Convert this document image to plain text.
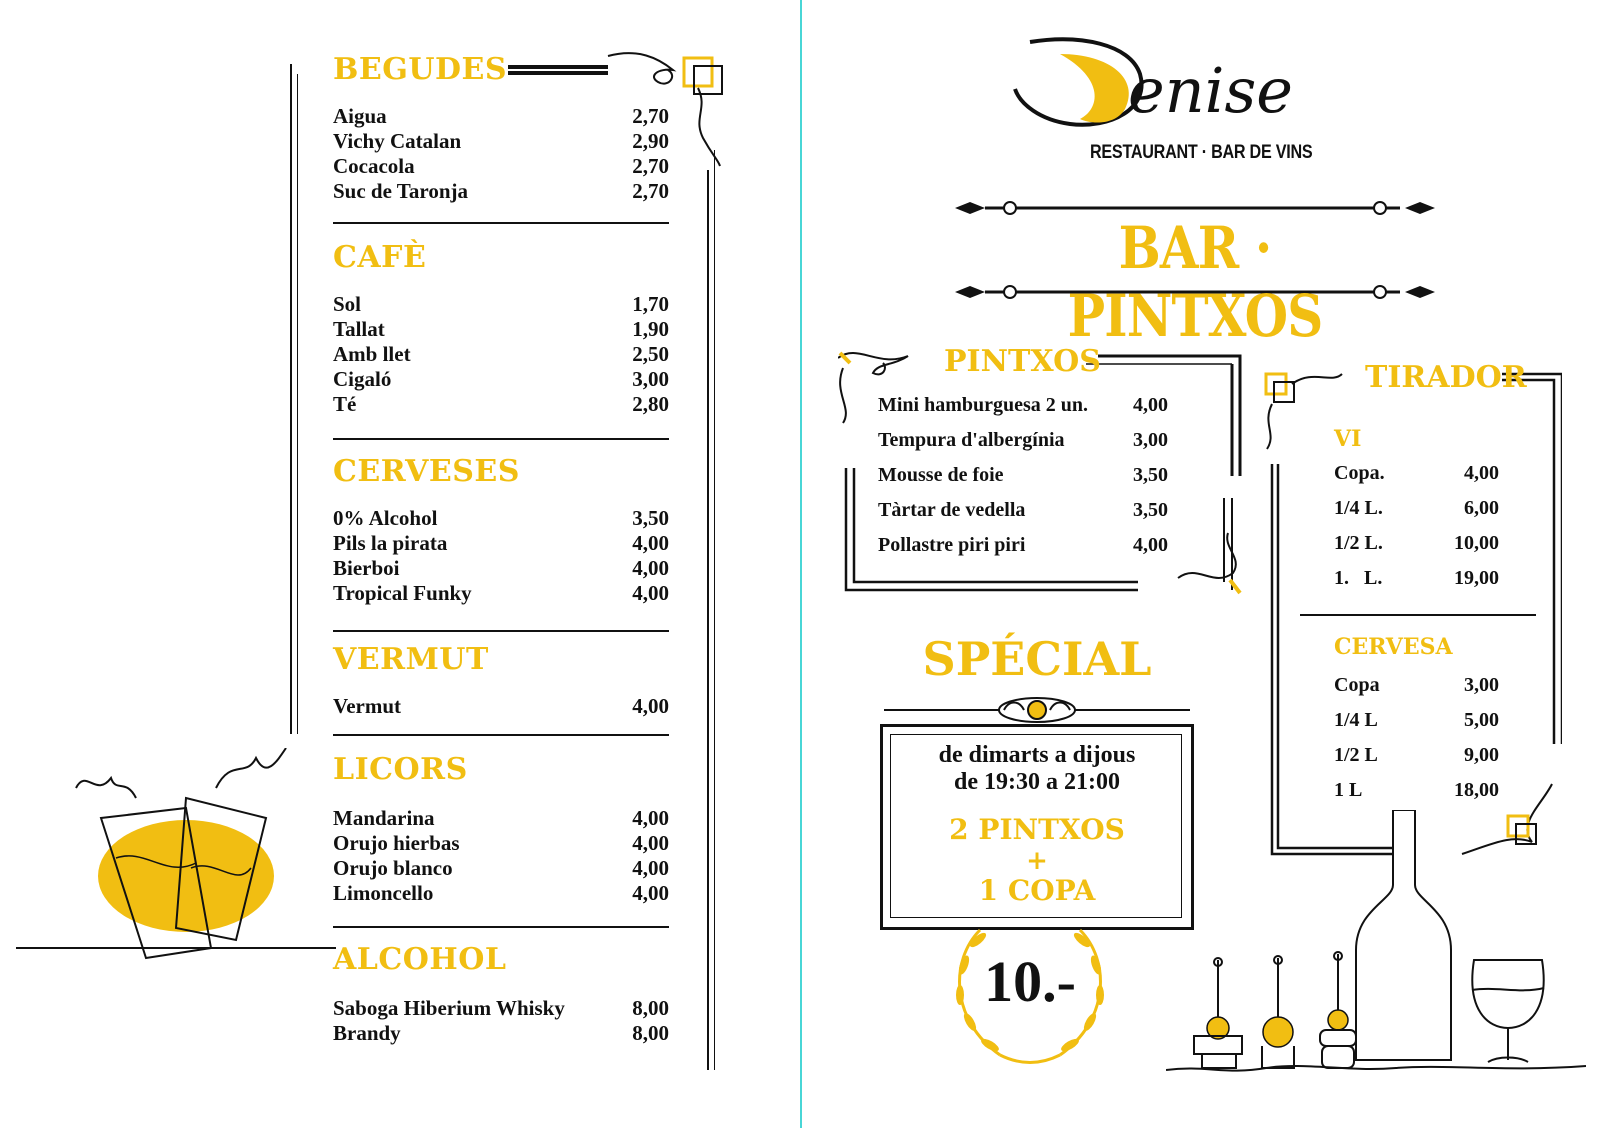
BEGUDES
Aigua	2,70
Vichy Catalan	2,90
Cocacola	2,70
Suc de Taronja	2,70
CAFÈ
Sol	1,70
Tallat	1,90
Amb llet	2,50
Cigaló	3,00
Té	2,80
CERVESES
0% Alcohol	3,50
Pils la pirata	4,00
Bierboi	4,00
Tropical Funky	4,00
VERMUT
Vermut	4,00
LICORS
Mandarina	4,00
Orujo hierbas	4,00
Orujo blanco	4,00
Limoncello	4,00
ALCOHOL
Saboga Hiberium Whisky	8,00
Brandy	8,00
enise
RESTAURANT · BAR DE VINS
BAR · PINTXOS
PINTXOS
Mini hamburguesa 2 un. 4,00
Tempura d'albergínia	3,00
Mousse de foie	3,50
Tàrtar de vedella	3,50
Pollastre piri piri	4,00
SPÉCIAL
de dimarts a dijous
de 19:30 a 21:00
2 PINTXOS
+
1 COPA
10.-
TIRADOR
VI
Copa.	4,00
1/4 L.	6,00
1/2 L.	10,00
1.   L.	19,00
CERVESA
Copa	3,00
1/4 L	5,00
1/2 L	9,00
1 L	18,00
